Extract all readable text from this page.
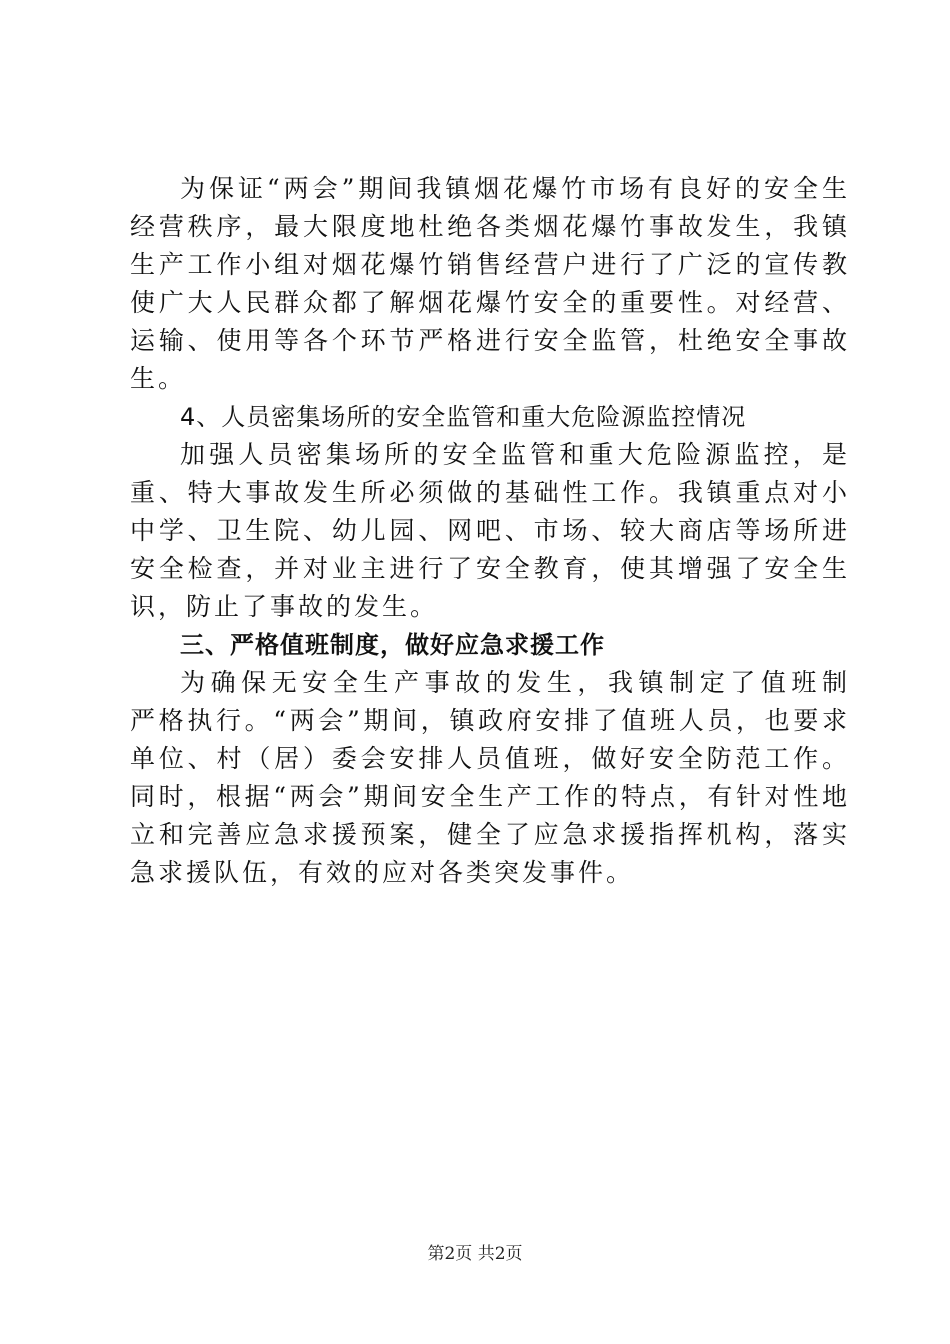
为保证“两会”期间我镇烟花爆竹市场有良好的安全生
经营秩序，最大限度地杜绝各类烟花爆竹事故发生，我镇
生产工作小组对烟花爆竹销售经营户进行了广泛的宣传教
使广大人民群众都了解烟花爆竹安全的重要性。对经营、
运输、使用等各个环节严格进行安全监管，杜绝安全事故
生。
4、人员密集场所的安全监管和重大危险源监控情况
加强人员密集场所的安全监管和重大危险源监控，是
重、特大事故发生所必须做的基础性工作。我镇重点对小
中学、卫生院、幼儿园、网吧、市场、较大商店等场所进
安全检查，并对业主进行了安全教育，使其增强了安全生
识，防止了事故的发生。
三、严格值班制度，做好应急求援工作
为确保无安全生产事故的发生，我镇制定了值班制
严格执行。“两会”期间，镇政府安排了值班人员，也要求
单位、村（居）委会安排人员值班，做好安全防范工作。
同时，根据“两会”期间安全生产工作的特点，有针对性地
立和完善应急求援预案，健全了应急求援指挥机构，落实
急求援队伍，有效的应对各类突发事件。
第2页 共2页
